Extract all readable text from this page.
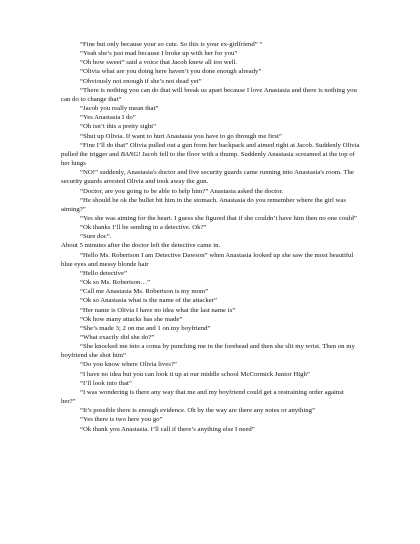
“Fine but only because your so cute. So this is your ex-girlfriend” “

“Yeah she’s just mad because I broke up with her for you”

“Oh how sweet” said a voice that Jacob knew all too well.

“Olivia what are you doing here haven’t you done enough already”

“Obviously not enough if she’s not dead yet”

“There is nothing you can do that will break us apart because I love Anastasia and there is nothing you can do to change that”

“Jacob you really mean that”

“Yes Anastasia I do”

“Oh isn’t this a pretty sight”

“Shut up Olivia. If want to hurt Anastasia you have to go through me first”

“Fine I’ll do that” Olivia pulled out a gun from her backpack and aimed right at Jacob. Suddenly Olivia pulled the trigger and BANG! Jacob fell to the floor with a thump. Suddenly Anastasia screamed at the top of her lungs

“NO!” suddenly, Anastasia's doctor and five security guards came running into Anastasia's room. The security guards arrested Olivia and took away the gun.

“Doctor, are you going to be able to help him?” Anastasia asked the doctor.

“He should be ok the bullet hit him in the stomach. Anastasia do you remember where the girl was aiming?”

“Yes she was aiming for the heart. I guess she figured that if she couldn’t have him then no one could”

“Ok thanks I’ll be sending in a detective. Ok?”

“Sure doc”.

About 5 minutes after the doctor left the detective came in.

“Hello Ms. Robertson I am Detective Dawson” when Anastasia looked up she saw the most beautiful blue eyes and messy blonde hair

“Hello detective”

“Ok so Ms. Robertson…”

“Call me Anastasia Ms. Robertson is my mom”

“Ok so Anastasia what is the name of the attacker”

“Her name is Olivia I have no idea what the last name is”

“Ok how many attacks has she made”

“She’s made 3; 2 on me and 1 on my boyfriend”

“What exactly did she do?”

“She knocked me into a coma by punching me in the forehead and then she slit my wrist. Then on my boyfriend she shot him”

“Do you know where Olivia lives?”

“I have no idea but you can look it up at our middle school McCormick Junior High”

“I’ll look into that”

“I was wondering is there any way that me and my boyfriend could get a restraining order against her?”

“It’s possible there is enough evidence. Oh by the way are there any notes or anything”

“Yes there is two here you go”

“Ok thank you Anastasia. I’ll call if there’s anything else I need”
